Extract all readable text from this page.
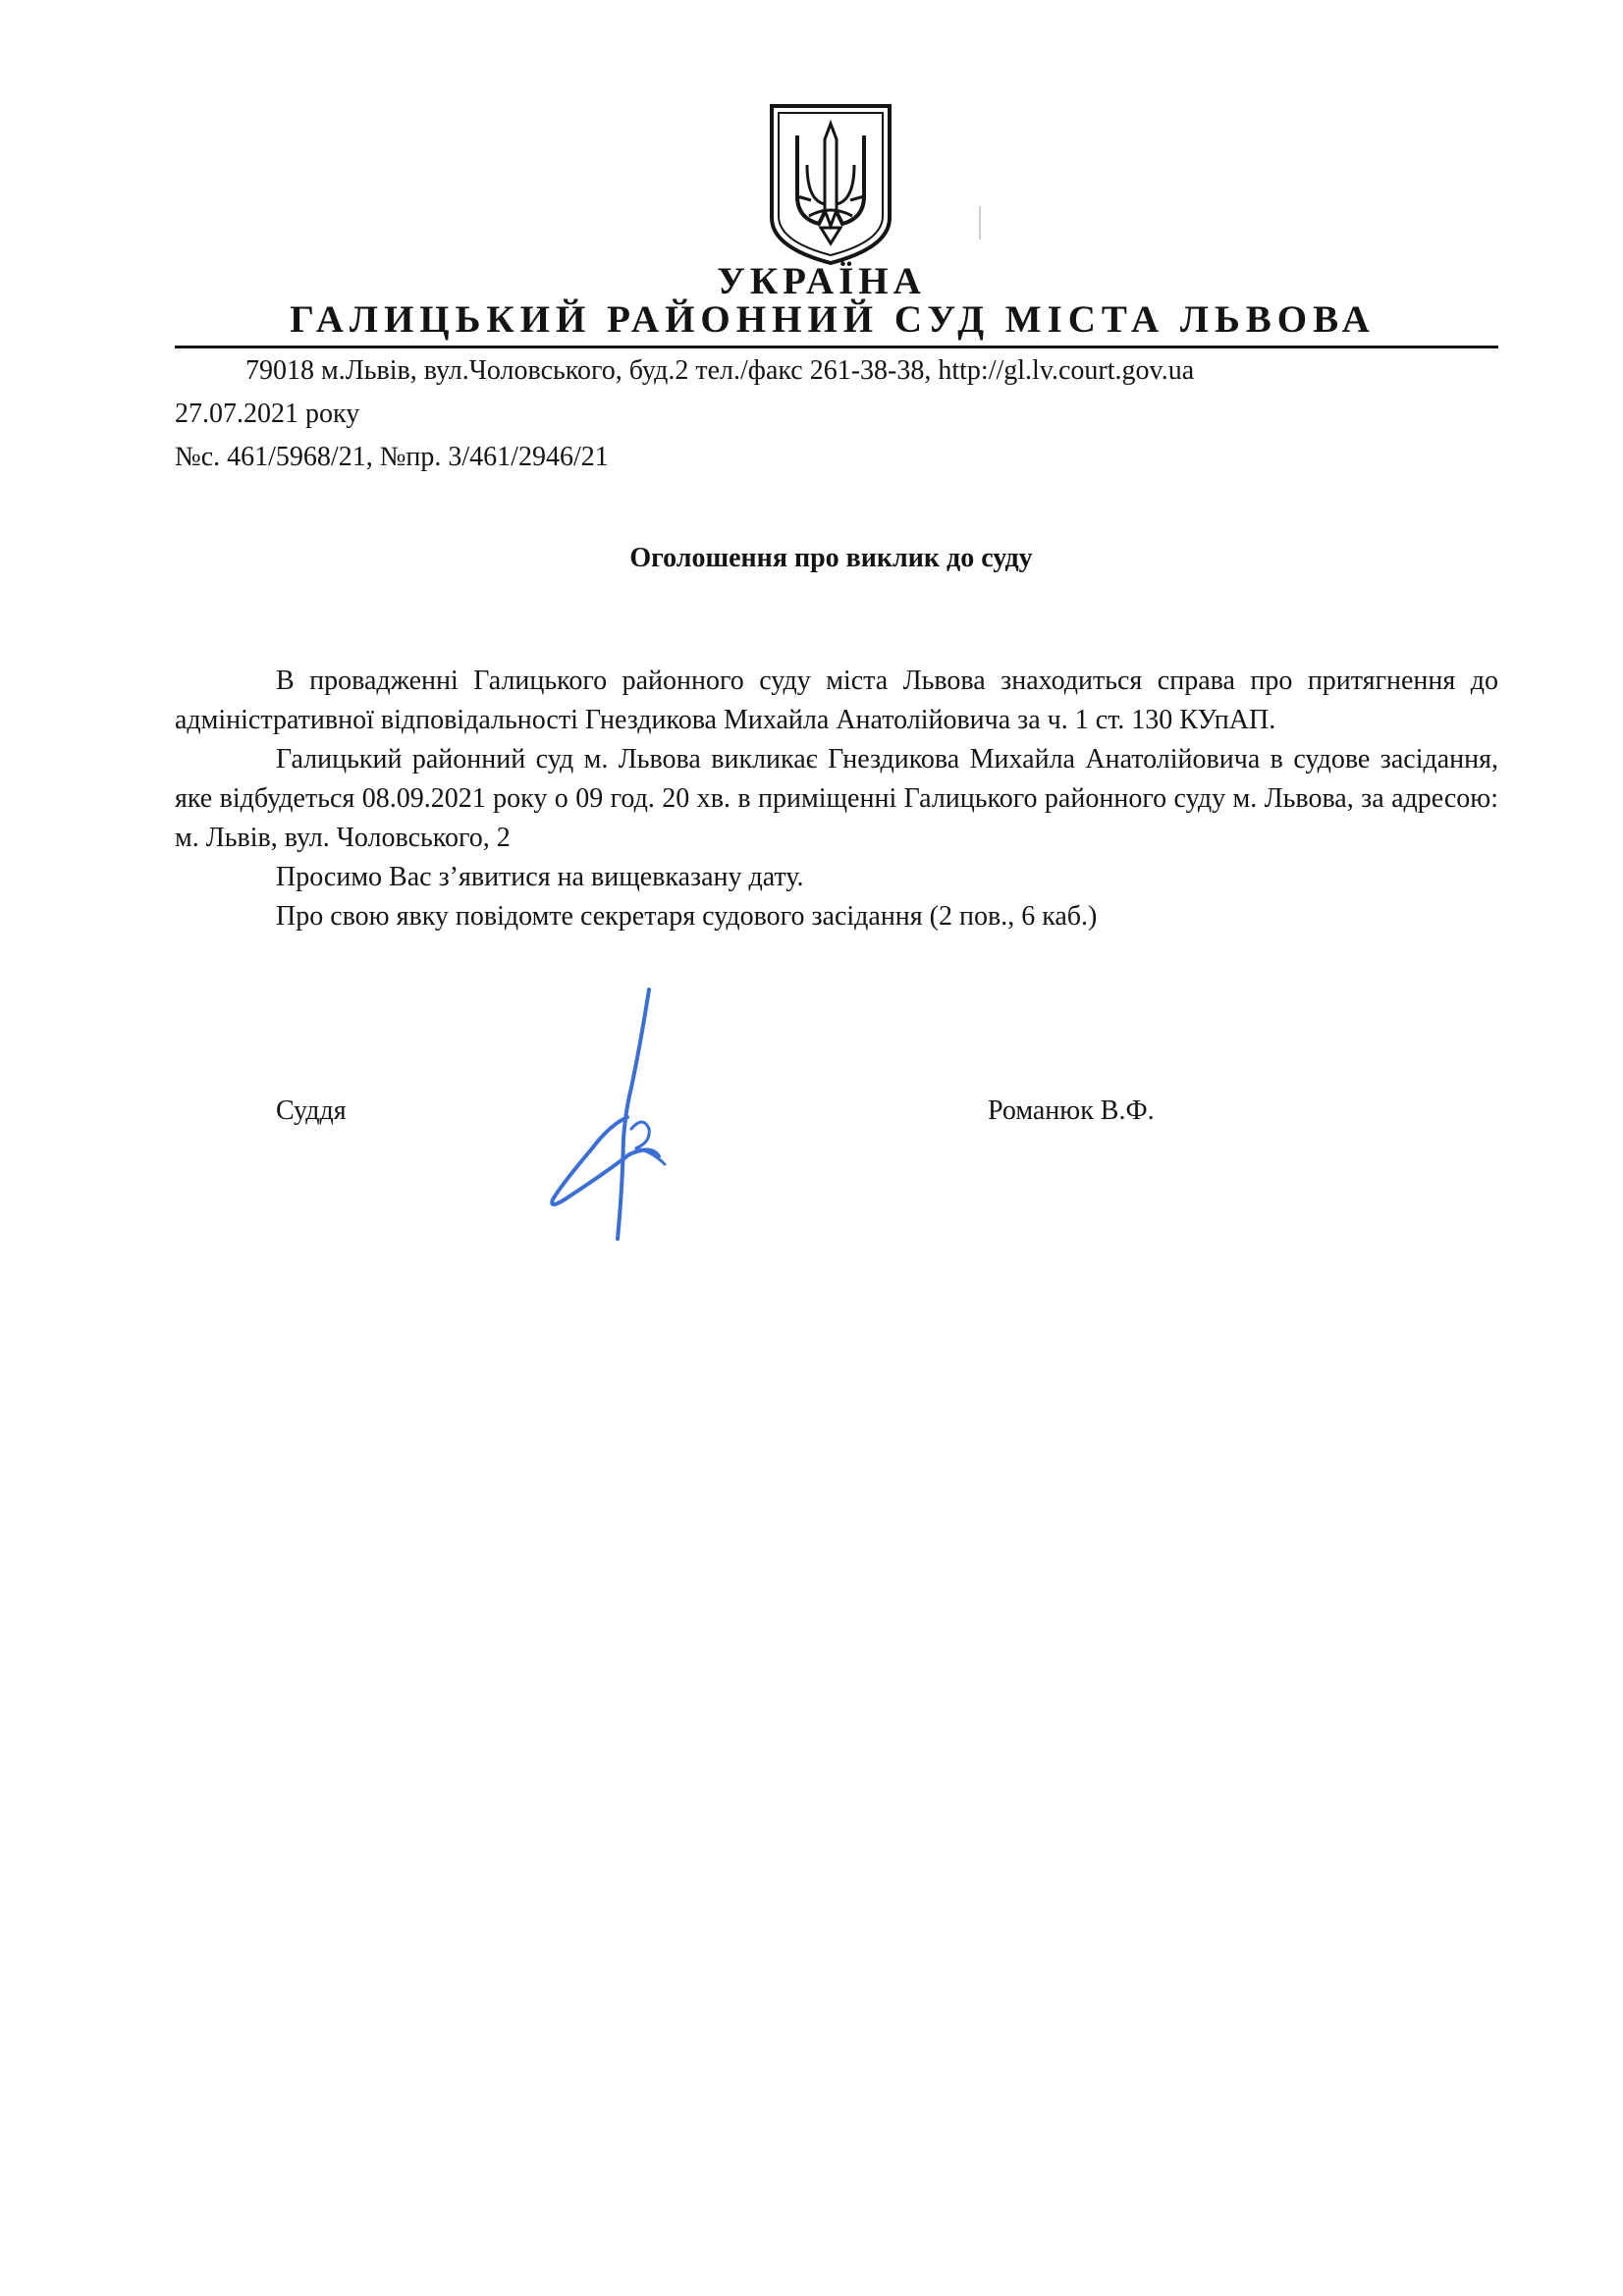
УКРАЇНА
ГАЛИЦЬКИЙ РАЙОННИЙ СУД МІСТА ЛЬВОВА
79018 м.Львів, вул.Чоловського, буд.2 тел./факс 261-38-38, http://gl.lv.court.gov.ua
27.07.2021 року
№с. 461/5968/21, №пр. 3/461/2946/21
Оголошення про виклик до суду

В провадженні Галицького районного суду міста Львова знаходиться справа про притягнення до адміністративної відповідальності Гнездикова Михайла Анатолійовича за ч. 1 ст. 130 КУпАП.

Галицький районний суд м. Львова викликає Гнездикова Михайла Анатолійовича в судове засідання, яке відбудеться 08.09.2021 року о 09 год. 20 хв. в приміщенні Галицького районного суду м. Львова, за адресою: м. Львів, вул. Чоловського, 2

Просимо Вас з’явитися на вищевказану дату.

Про свою явку повідомте секретаря судового засідання (2 пов., 6 каб.)

Суддя	Романюк В.Ф.
